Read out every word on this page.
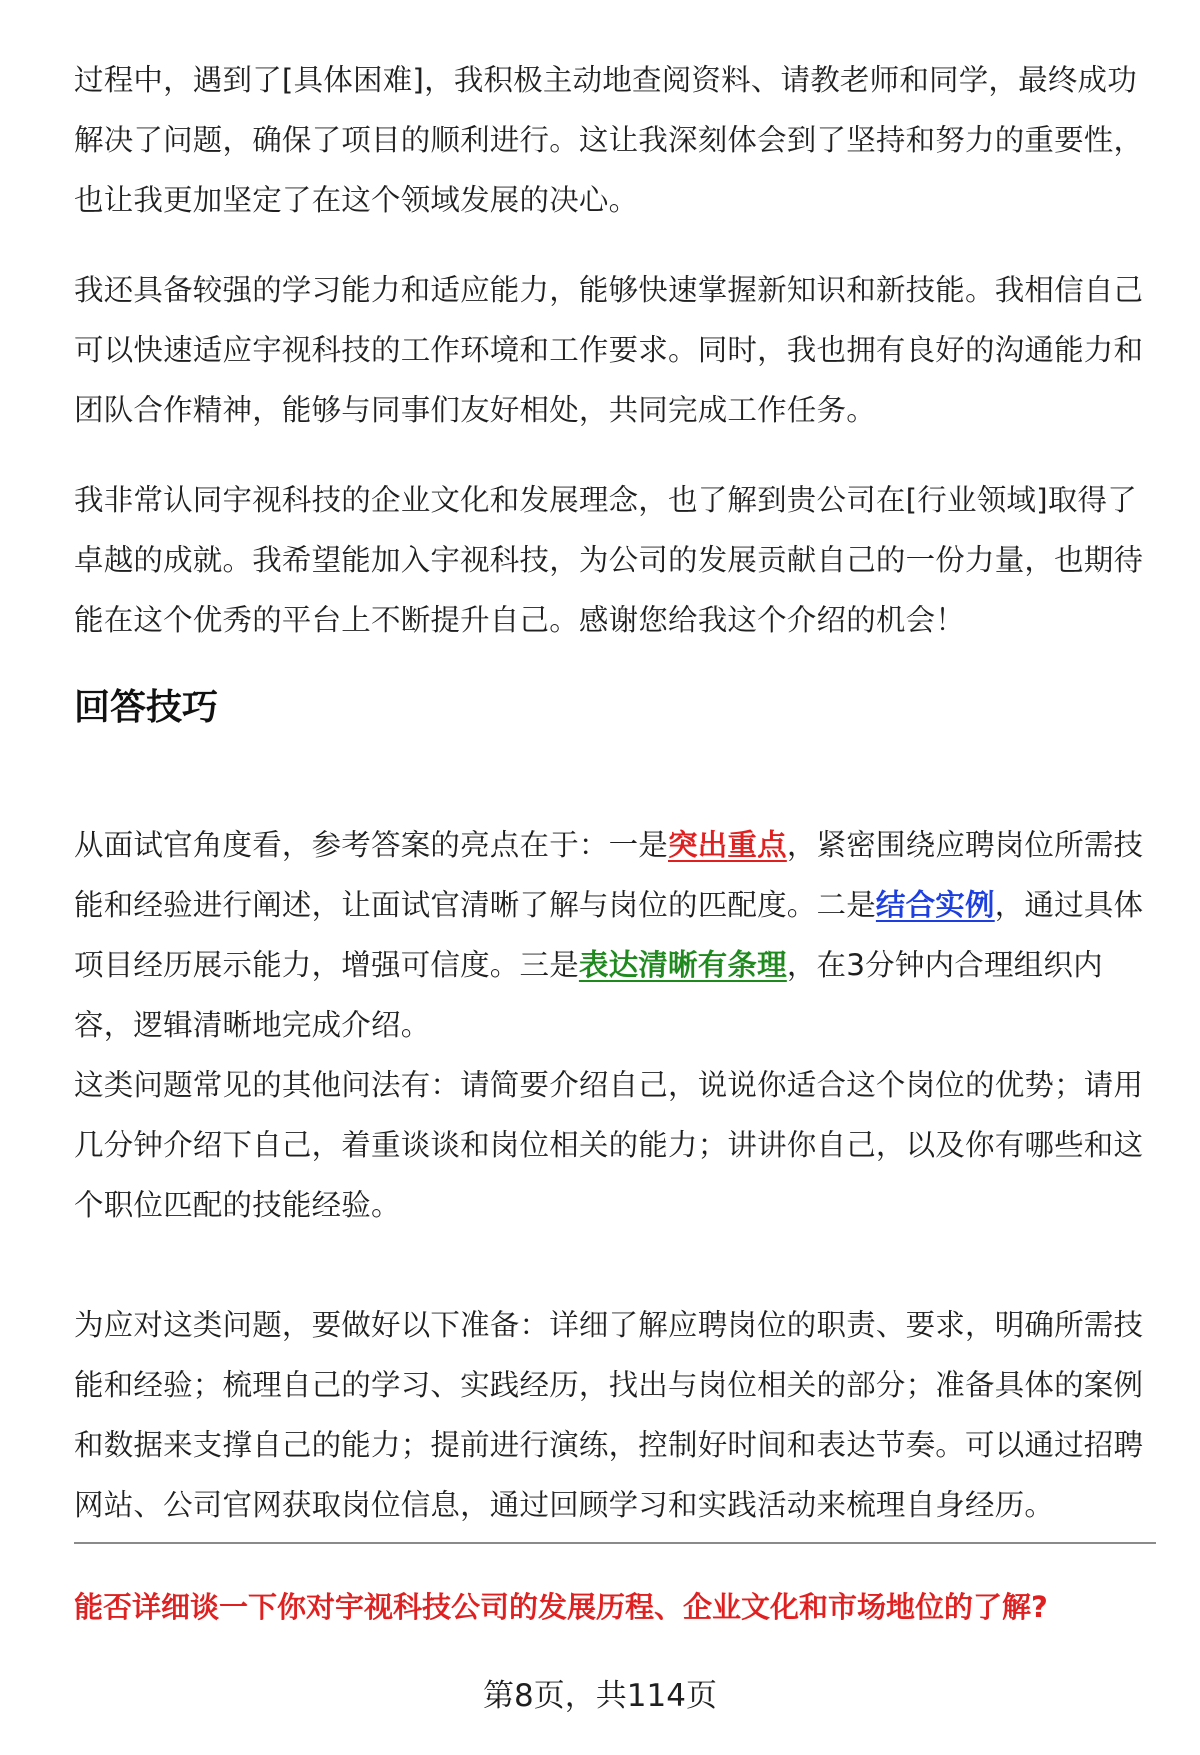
过程中，遇到了[具体困难]，我积极主动地查阅资料、请教老师和同学，最终成功解决了问题，确保了项目的顺利进行。这让我深刻体会到了坚持和努力的重要性，也让我更加坚定了在这个领域发展的决心。

我还具备较强的学习能力和适应能力，能够快速掌握新知识和新技能。我相信自己可以快速适应宇视科技的工作环境和工作要求。同时，我也拥有良好的沟通能力和团队合作精神，能够与同事们友好相处，共同完成工作任务。

我非常认同宇视科技的企业文化和发展理念，也了解到贵公司在[行业领域]取得了卓越的成就。我希望能加入宇视科技，为公司的发展贡献自己的一份力量，也期待能在这个优秀的平台上不断提升自己。感谢您给我这个介绍的机会！

回答技巧

从面试官角度看，参考答案的亮点在于：一是突出重点，紧密围绕应聘岗位所需技能和经验进行阐述，让面试官清晰了解与岗位的匹配度。二是结合实例，通过具体项目经历展示能力，增强可信度。三是表达清晰有条理，在3分钟内合理组织内容，逻辑清晰地完成介绍。

这类问题常见的其他问法有：请简要介绍自己，说说你适合这个岗位的优势；请用几分钟介绍下自己，着重谈谈和岗位相关的能力；讲讲你自己，以及你有哪些和这个职位匹配的技能经验。

为应对这类问题，要做好以下准备：详细了解应聘岗位的职责、要求，明确所需技能和经验；梳理自己的学习、实践经历，找出与岗位相关的部分；准备具体的案例和数据来支撑自己的能力；提前进行演练，控制好时间和表达节奏。可以通过招聘网站、公司官网获取岗位信息，通过回顾学习和实践活动来梳理自身经历。

能否详细谈一下你对宇视科技公司的发展历程、企业文化和市场地位的了解?

第8页，共114页
